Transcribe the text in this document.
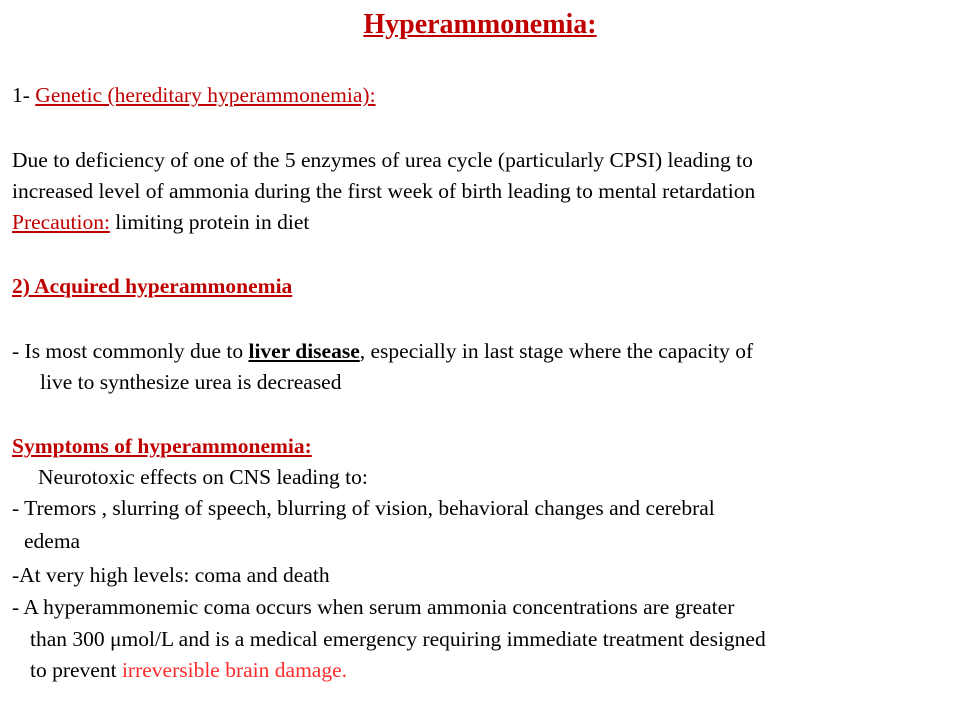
Hyperammonemia:
1- Genetic (hereditary hyperammonemia):
Due to deficiency of one of the 5 enzymes of urea cycle (particularly CPSI) leading to
increased level of ammonia during the first week of birth leading to mental retardation
Precaution: limiting protein in diet
2) Acquired hyperammonemia
- Is most commonly due to liver disease, especially in last stage where the capacity of
live to synthesize urea is decreased
Symptoms of hyperammonemia:
Neurotoxic effects on CNS leading to:
- Tremors , slurring of speech, blurring of vision, behavioral changes and cerebral
edema
-At very high levels: coma and death
- A hyperammonemic coma occurs when serum ammonia concentrations are greater
than 300 μmol/L and is a medical emergency requiring immediate treatment designed
to prevent irreversible brain damage.
